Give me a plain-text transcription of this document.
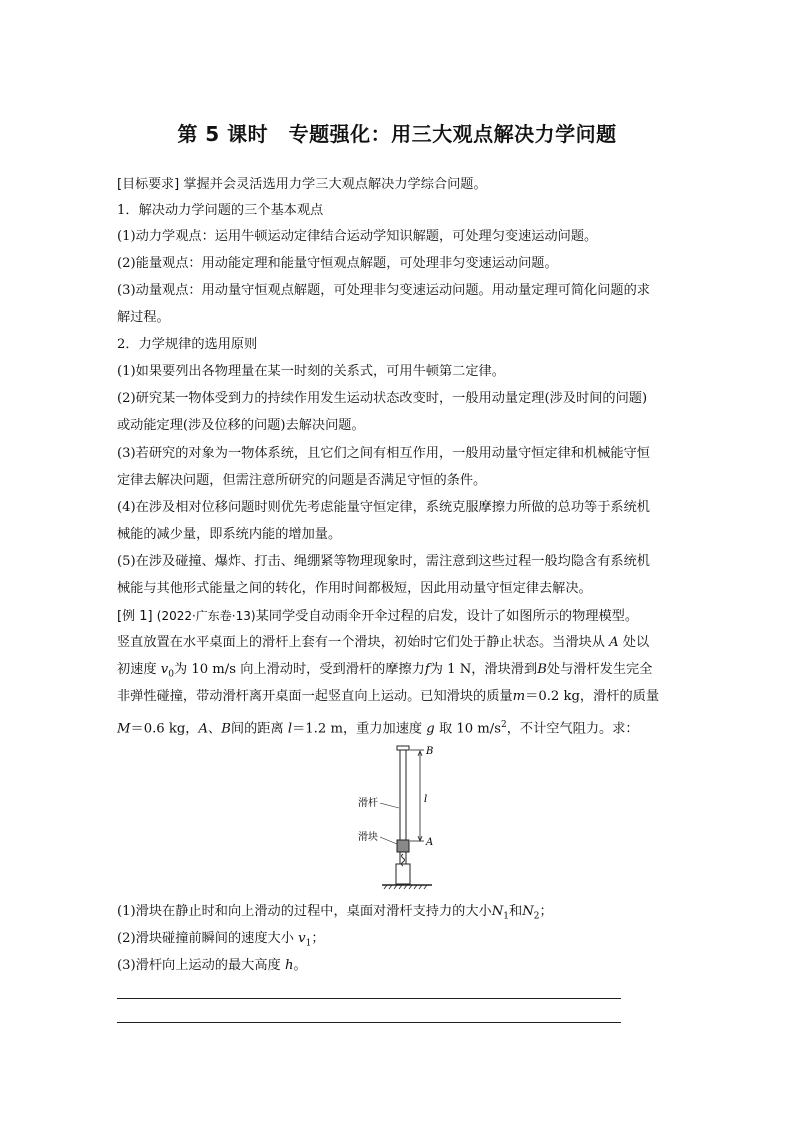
第 5 课时　专题强化：用三大观点解决力学问题
[目标要求] 掌握并会灵活选用力学三大观点解决力学综合问题。
1．解决动力学问题的三个基本观点
(1)动力学观点：运用牛顿运动定律结合运动学知识解题，可处理匀变速运动问题。
(2)能量观点：用动能定理和能量守恒观点解题，可处理非匀变速运动问题。
(3)动量观点：用动量守恒观点解题，可处理非匀变速运动问题。用动量定理可简化问题的求
解过程。
2．力学规律的选用原则
(1)如果要列出各物理量在某一时刻的关系式，可用牛顿第二定律。
(2)研究某一物体受到力的持续作用发生运动状态改变时，一般用动量定理(涉及时间的问题)
或动能定理(涉及位移的问题)去解决问题。
(3)若研究的对象为一物体系统，且它们之间有相互作用，一般用动量守恒定律和机械能守恒
定律去解决问题，但需注意所研究的问题是否满足守恒的条件。
(4)在涉及相对位移问题时则优先考虑能量守恒定律，系统克服摩擦力所做的总功等于系统机
械能的减少量，即系统内能的增加量。
(5)在涉及碰撞、爆炸、打击、绳绷紧等物理现象时，需注意到这些过程一般均隐含有系统机
械能与其他形式能量之间的转化，作用时间都极短，因此用动量守恒定律去解决。
[例 1] (2022·广东卷·13)某同学受自动雨伞开伞过程的启发，设计了如图所示的物理模型。
竖直放置在水平桌面上的滑杆上套有一个滑块，初始时它们处于静止状态。当滑块从 A 处以
初速度 $v_0$为 10 m/s 向上滑动时，受到滑杆的摩擦力f为 1 N，滑块滑到B处与滑杆发生完全
非弹性碰撞，带动滑杆离开桌面一起竖直向上运动。已知滑块的质量m＝0.2 kg，滑杆的质量
M＝0.6 kg，A、B间的距离 l＝1.2 m，重力加速度 g 取 10 $m/s^2$，不计空气阻力。求：
B
l
A
滑杆
滑块
(1)滑块在静止时和向上滑动的过程中，桌面对滑杆支持力的大小$N_1$和$N_2$；
(2)滑块碰撞前瞬间的速度大小 $v_1$；
(3)滑杆向上运动的最大高度 h。
